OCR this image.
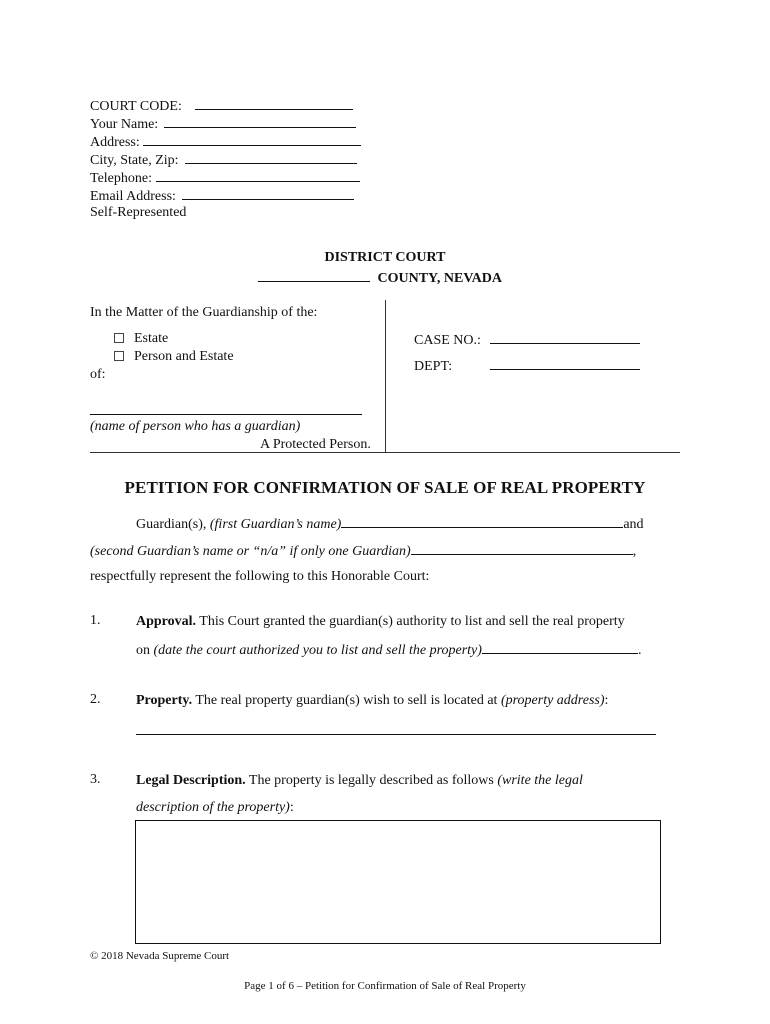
COURT CODE:
Your Name:
Address:
City, State, Zip:
Telephone:
Email Address:
Self-Represented
DISTRICT COURT
COUNTY, NEVADA
In the Matter of the Guardianship of the:
Estate
Person and Estate
of:
(name of person who has a guardian)
A Protected Person.
CASE NO.:
DEPT:
PETITION FOR CONFIRMATION OF SALE OF REAL PROPERTY
Guardian(s), (first Guardian’s name)	and
(second Guardian’s name or “n/a” if only one Guardian)	,
respectfully represent the following to this Honorable Court:
1.	Approval. This Court granted the guardian(s) authority to list and sell the real property
on (date the court authorized you to list and sell the property)	.
2.	Property. The real property guardian(s) wish to sell is located at (property address):
3.	Legal Description. The property is legally described as follows (write the legal
description of the property):
© 2018 Nevada Supreme Court
Page 1 of 6 – Petition for Confirmation of Sale of Real Property
